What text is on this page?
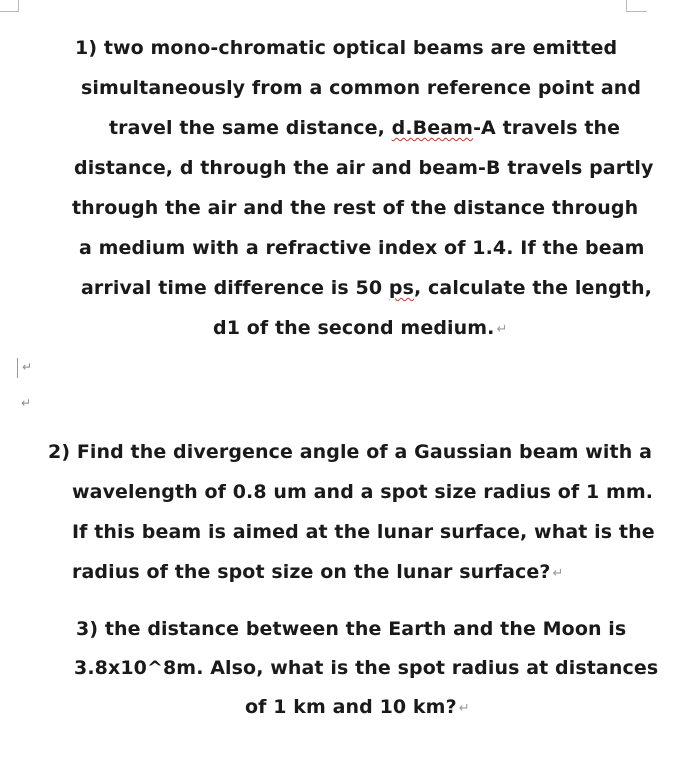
1) two mono-chromatic optical beams are emitted
simultaneously from a common reference point and
travel the same distance, d.Beam-A travels the
distance, d through the air and beam-B travels partly
through the air and the rest of the distance through
a medium with a refractive index of 1.4. If the beam
arrival time difference is 50 ps, calculate the length,
d1 of the second medium. ↵
↵
↵
2) Find the divergence angle of a Gaussian beam with a
wavelength of 0.8 um and a spot size radius of 1 mm.
If this beam is aimed at the lunar surface, what is the
radius of the spot size on the lunar surface? ↵
3) the distance between the Earth and the Moon is
3.8x10^8m. Also, what is the spot radius at distances
of 1 km and 10 km? ↵
